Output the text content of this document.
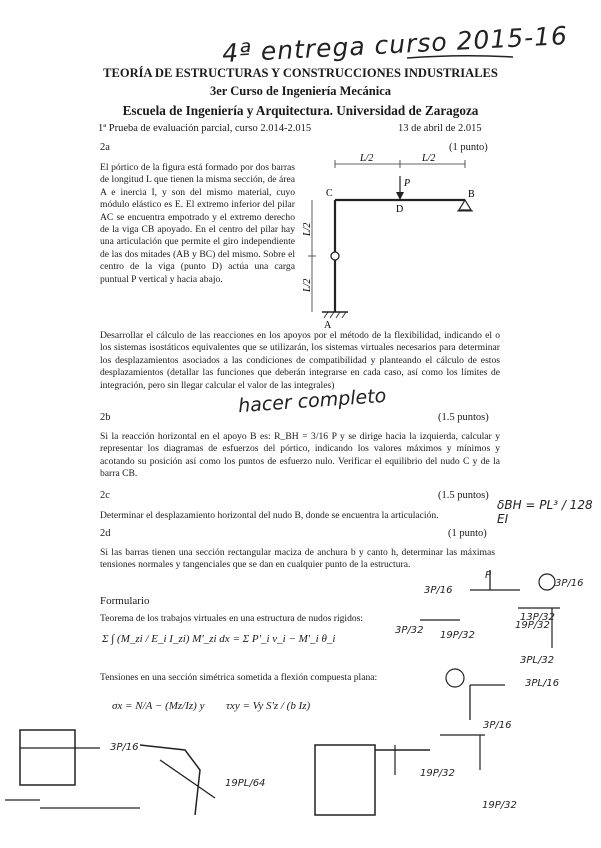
4ª entrega curso 2015-16
TEORÍA DE ESTRUCTURAS Y CONSTRUCCIONES INDUSTRIALES
3er Curso de Ingeniería Mecánica
Escuela de Ingeniería y Arquitectura. Universidad de Zaragoza
1ª Prueba de evaluación parcial, curso 2.014-2.015	13 de abril de 2.015
2a	(1 punto)
El pórtico de la figura está formado por dos barras de longitud L que tienen la misma sección, de área A e inercia I, y son del mismo material, cuyo módulo elástico es E. El extremo inferior del pilar AC se encuentra empotrado y el extremo derecho de la viga CB apoyado. En el centro del pilar hay una articulación que permite el giro independiente de las dos mitades (AB y BC) del mismo. Sobre el centro de la viga (punto D) actúa una carga puntual P vertical y hacia abajo.
L/2	L/2
P
C
D
B
A
L/2
L/2
Desarrollar el cálculo de las reacciones en los apoyos por el método de la flexibilidad, indicando el o los sistemas isostáticos equivalentes que se utilizarán, los sistemas virtuales necesarios para determinar los desplazamientos asociados a las condiciones de compatibilidad y planteando el cálculo de estos desplazamientos (detallar las funciones que deberán integrarse en cada caso, así como los límites de integración, pero sin llegar calcular el valor de las integrales)
hacer completo
2b	(1.5 puntos)
Si la reacción horizontal en el apoyo B es: R_BH = 3/16 P y se dirige hacia la izquierda, calcular y representar los diagramas de esfuerzos del pórtico, indicando los valores máximos y mínimos y acotando su posición así como los puntos de esfuerzo nulo. Verificar el equilibrio del nudo C y de la barra CB.
2c	(1.5 puntos)
Determinar el desplazamiento horizontal del nudo B, donde se encuentra la articulación.
δBH = PL³ / 128 EI
2d	(1 punto)
Si las barras tienen una sección rectangular maciza de anchura b y canto h, determinar las máximas tensiones normales y tangenciales que se dan en cualquier punto de la estructura.
Formulario
Teorema de los trabajos virtuales en una estructura de nudos rígidos:
Σ ∫ (M_zi / E_i I_zi) M'_zi dx = Σ P'_i v_i − M'_i θ_i
Tensiones en una sección simétrica sometida a flexión compuesta plana:
σx = N/A − (Mz/Iz) y τxy = Vy S'z / (b Iz)
3P/16
3P/32 19P/32
19P/32
3P/16
3PL/16
3PL/32
19PL/64
P
3P/16
19P/32
3P/16
19P/32
13P/32
